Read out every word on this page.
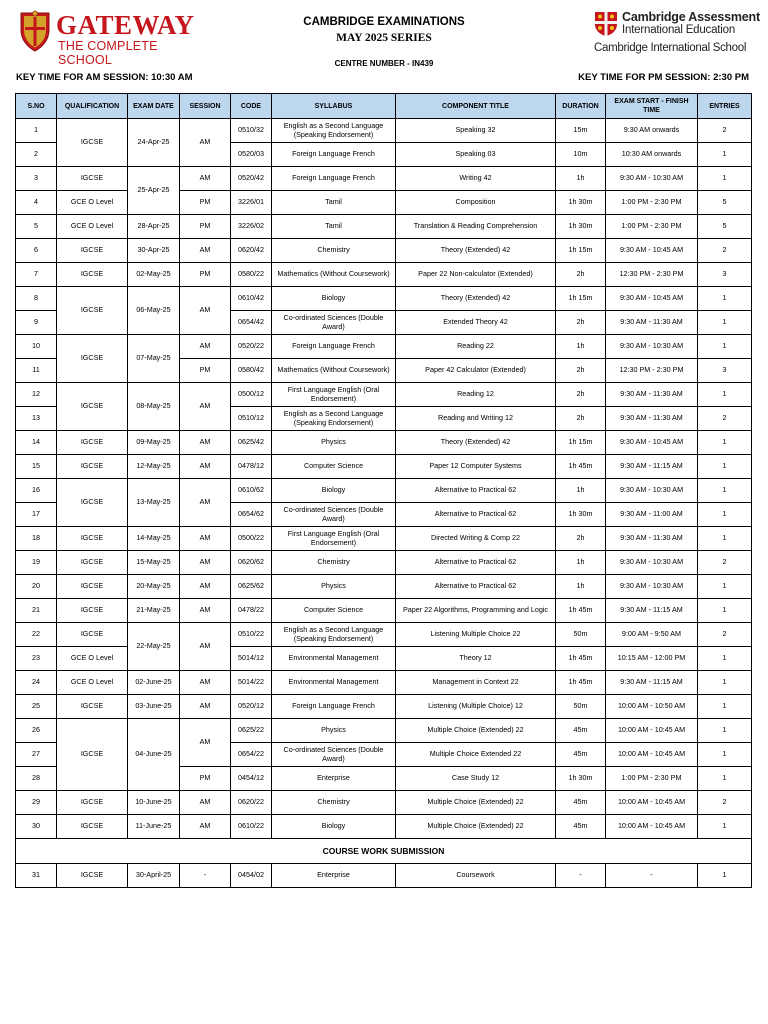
GATEWAY
THE COMPLETE SCHOOL
CAMBRIDGE EXAMINATIONS
MAY 2025 SERIES
CENTRE NUMBER - IN439
Cambridge Assessment
International Education
Cambridge International School
KEY TIME FOR AM SESSION: 10:30 AM	KEY TIME FOR PM SESSION: 2:30 PM
S.NO	QUALIFICATION	EXAM DATE	SESSION	CODE	SYLLABUS	COMPONENT TITLE	DURATION	EXAM START - FINISH TIME	ENTRIES
1	IGCSE	24-Apr-25	AM	0510/32	English as a Second Language (Speaking Endorsement)	Speaking 32	15m	9:30 AM onwards	2
2				0520/03	Foreign Language French	Speaking 03	10m	10:30 AM onwards	1
3	IGCSE	25-Apr-25	AM	0520/42	Foreign Language French	Writing 42	1h	9:30 AM - 10:30 AM	1
4	GCE O Level		PM	3226/01	Tamil	Composition	1h 30m	1:00 PM - 2:30 PM	5
5	GCE O Level	28-Apr-25	PM	3226/02	Tamil	Translation & Reading Comprehension	1h 30m	1:00 PM - 2:30 PM	5
6	IGCSE	30-Apr-25	AM	0620/42	Chemistry	Theory (Extended) 42	1h 15m	9:30 AM - 10:45 AM	2
7	IGCSE	02-May-25	PM	0580/22	Mathematics (Without Coursework)	Paper 22 Non-calculator (Extended)	2h	12:30 PM - 2:30 PM	3
8	IGCSE	06-May-25	AM	0610/42	Biology	Theory (Extended) 42	1h 15m	9:30 AM - 10:45 AM	1
9				0654/42	Co-ordinated Sciences (Double Award)	Extended Theory 42	2h	9:30 AM - 11:30 AM	1
10	IGCSE	07-May-25	AM	0520/22	Foreign Language French	Reading 22	1h	9:30 AM - 10:30 AM	1
11			PM	0580/42	Mathematics (Without Coursework)	Paper 42 Calculator (Extended)	2h	12:30 PM - 2:30 PM	3
12	IGCSE	08-May-25	AM	0500/12	First Language English (Oral Endorsement)	Reading 12	2h	9:30 AM - 11:30 AM	1
13				0510/12	English as a Second Language (Speaking Endorsement)	Reading and Writing 12	2h	9:30 AM - 11:30 AM	2
14	IGCSE	09-May-25	AM	0625/42	Physics	Theory (Extended) 42	1h 15m	9:30 AM - 10:45 AM	1
15	IGCSE	12-May-25	AM	0478/12	Computer Science	Paper 12 Computer Systems	1h 45m	9:30 AM - 11:15 AM	1
16	IGCSE	13-May-25	AM	0610/62	Biology	Alternative to Practical 62	1h	9:30 AM - 10:30 AM	1
17				0654/62	Co-ordinated Sciences (Double Award)	Alternative to Practical 62	1h 30m	9:30 AM - 11:00 AM	1
18	IGCSE	14-May-25	AM	0500/22	First Language English (Oral Endorsement)	Directed Writing & Comp 22	2h	9:30 AM - 11:30 AM	1
19	IGCSE	15-May-25	AM	0620/62	Chemistry	Alternative to Practical 62	1h	9:30 AM - 10:30 AM	2
20	IGCSE	20-May-25	AM	0625/62	Physics	Alternative to Practical 62	1h	9:30 AM - 10:30 AM	1
21	IGCSE	21-May-25	AM	0478/22	Computer Science	Paper 22 Algorithms, Programming and Logic	1h 45m	9:30 AM - 11:15 AM	1
22	IGCSE	22-May-25	AM	0510/22	English as a Second Language (Speaking Endorsement)	Listening Multiple Choice 22	50m	9:00 AM - 9:50 AM	2
23	GCE O Level			5014/12	Environmental Management	Theory 12	1h 45m	10:15 AM - 12:00 PM	1
24	GCE O Level	02-June-25	AM	5014/22	Environmental Management	Management in Context 22	1h 45m	9:30 AM - 11:15 AM	1
25	IGCSE	03-June-25	AM	0520/12	Foreign Language French	Listening (Multiple Choice) 12	50m	10:00 AM - 10:50 AM	1
26	IGCSE	04-June-25	AM	0625/22	Physics	Multiple Choice (Extended) 22	45m	10:00 AM - 10:45 AM	1
27				0654/22	Co-ordinated Sciences (Double Award)	Multiple Choice Extended 22	45m	10:00 AM - 10:45 AM	1
28			PM	0454/12	Enterprise	Case Study 12	1h 30m	1:00 PM - 2:30 PM	1
29	IGCSE	10-June-25	AM	0620/22	Chemistry	Multiple Choice (Extended) 22	45m	10:00 AM - 10:45 AM	2
30	IGCSE	11-June-25	AM	0610/22	Biology	Multiple Choice (Extended) 22	45m	10:00 AM - 10:45 AM	1
COURSE WORK SUBMISSION									
31	IGCSE	30-April-25	-	0454/02	Enterprise	Coursework	-	-	1
